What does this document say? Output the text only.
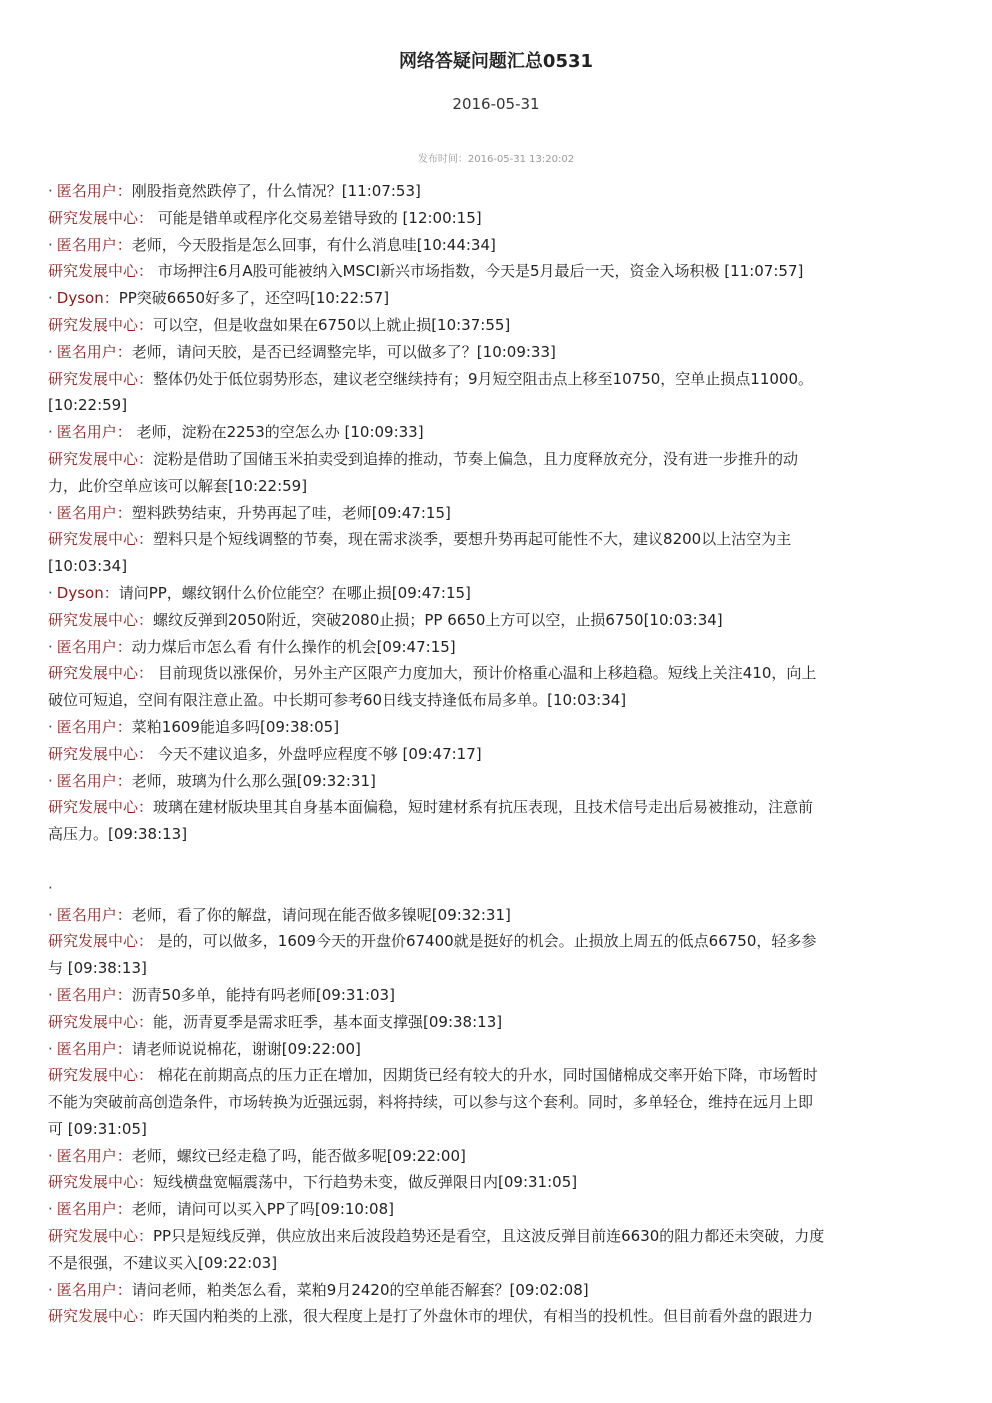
网络答疑问题汇总0531
2016-05-31
发布时间：2016-05-31 13:20:02
· 匿名用户：刚股指竟然跌停了，什么情况？[11:07:53]
研究发展中心： 可能是错单或程序化交易差错导致的 [12:00:15]
· 匿名用户：老师，今天股指是怎么回事，有什么消息哇[10:44:34]
研究发展中心： 市场押注6月A股可能被纳入MSCI新兴市场指数，今天是5月最后一天，资金入场积极 [11:07:57]
· Dyson：PP突破6650好多了，还空吗[10:22:57]
研究发展中心：可以空，但是收盘如果在6750以上就止损[10:37:55]
· 匿名用户：老师，请问天胶，是否已经调整完毕，可以做多了？[10:09:33]
研究发展中心：整体仍处于低位弱势形态，建议老空继续持有；9月短空阻击点上移至10750，空单止损点11000。
[10:22:59]
· 匿名用户： 老师，淀粉在2253的空怎么办 [10:09:33]
研究发展中心：淀粉是借助了国储玉米拍卖受到追捧的推动，节奏上偏急，且力度释放充分，没有进一步推升的动
力，此价空单应该可以解套[10:22:59]
· 匿名用户：塑料跌势结束，升势再起了哇，老师[09:47:15]
研究发展中心：塑料只是个短线调整的节奏，现在需求淡季，要想升势再起可能性不大，建议8200以上沽空为主
[10:03:34]
· Dyson：请问PP，螺纹钢什么价位能空？在哪止损[09:47:15]
研究发展中心：螺纹反弹到2050附近，突破2080止损；PP 6650上方可以空，止损6750[10:03:34]
· 匿名用户：动力煤后市怎么看 有什么操作的机会[09:47:15]
研究发展中心： 目前现货以涨保价，另外主产区限产力度加大，预计价格重心温和上移趋稳。短线上关注410，向上
破位可短追，空间有限注意止盈。中长期可参考60日线支持逢低布局多单。[10:03:34]
· 匿名用户：菜粕1609能追多吗[09:38:05]
研究发展中心： 今天不建议追多，外盘呼应程度不够 [09:47:17]
· 匿名用户：老师，玻璃为什么那么强[09:32:31]
研究发展中心：玻璃在建材版块里其自身基本面偏稳，短时建材系有抗压表现，且技术信号走出后易被推动，注意前
高压力。[09:38:13]
·
· 匿名用户：老师，看了你的解盘，请问现在能否做多镍呢[09:32:31]
研究发展中心： 是的，可以做多，1609今天的开盘价67400就是挺好的机会。止损放上周五的低点66750，轻多参
与 [09:38:13]
· 匿名用户：沥青50多单，能持有吗老师[09:31:03]
研究发展中心：能，沥青夏季是需求旺季，基本面支撑强[09:38:13]
· 匿名用户：请老师说说棉花，谢谢[09:22:00]
研究发展中心： 棉花在前期高点的压力正在增加，因期货已经有较大的升水，同时国储棉成交率开始下降，市场暂时
不能为突破前高创造条件，市场转换为近强远弱，料将持续，可以参与这个套利。同时，多单轻仓，维持在远月上即
可 [09:31:05]
· 匿名用户：老师，螺纹已经走稳了吗，能否做多呢[09:22:00]
研究发展中心：短线横盘宽幅震荡中，下行趋势未变，做反弹限日内[09:31:05]
· 匿名用户：老师，请问可以买入PP了吗[09:10:08]
研究发展中心：PP只是短线反弹，供应放出来后波段趋势还是看空，且这波反弹目前连6630的阻力都还未突破，力度
不是很强，不建议买入[09:22:03]
· 匿名用户：请问老师，粕类怎么看，菜粕9月2420的空单能否解套？[09:02:08]
研究发展中心：昨天国内粕类的上涨，很大程度上是打了外盘休市的埋伏，有相当的投机性。但目前看外盘的跟进力
